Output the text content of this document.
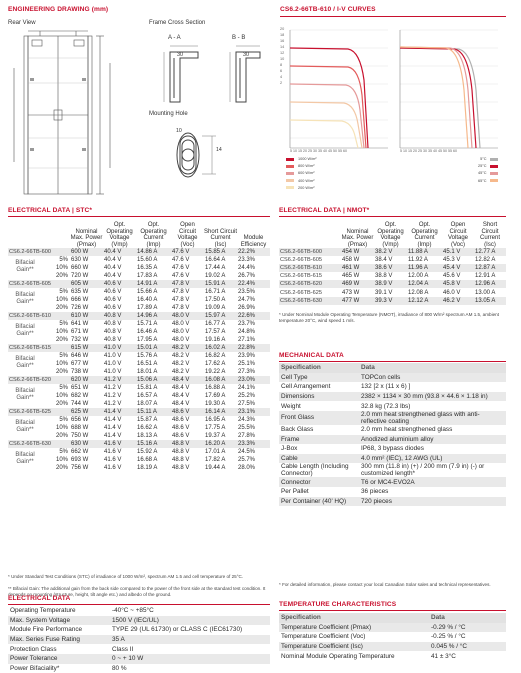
ENGINEERING DRAWING (mm)
Rear View	Frame Cross Section
A - A	B - B
Mounting Hole
30	30
14
10
CS6.2-66TB-610 / I-V CURVES
20
18
16
14
12
10
8
6
4
2
5 10 15 20 25 30 35 40 45 50 55 60	5 10 15 20 25 30 35 40 45 50 55 60
1000 W/m²
800 W/m²
600 W/m²
400 W/m²
200 W/m²
5°C
25°C
45°C
65°C
ELECTRICAL DATA | STC*
	Nominal Max. Power (Pmax)	Opt. Operating Voltage (Vmp)	Opt. Operating Current (Imp)	Open Circuit Voltage (Voc)	Short Circuit Current (Isc)	Module Efficiency
CS6.2-66TB-600	600 W	40.4 V	14.86 A	47.6 V	15.85 A	22.2%

Bifacial Gain**
5%	630 W	40.4 V	15.60 A	47.6 V	16.64 A	23.3%
10%	660 W	40.4 V	16.35 A	47.6 V	17.44 A	24.4%
20%	720 W	40.4 V	17.83 A	47.6 V	19.02 A	26.7%
CS6.2-66TB-605	605 W	40.6 V	14.91 A	47.8 V	15.91 A	22.4%

Bifacial Gain**
5%	635 W	40.6 V	15.66 A	47.8 V	16.71 A	23.5%
10%	666 W	40.6 V	16.40 A	47.8 V	17.50 A	24.7%
20%	726 W	40.6 V	17.89 A	47.8 V	19.09 A	26.9%
CS6.2-66TB-610	610 W	40.8 V	14.96 A	48.0 V	15.97 A	22.6%

Bifacial Gain**
5%	641 W	40.8 V	15.71 A	48.0 V	16.77 A	23.7%
10%	671 W	40.8 V	16.46 A	48.0 V	17.57 A	24.8%
20%	732 W	40.8 V	17.95 A	48.0 V	19.16 A	27.1%
CS6.2-66TB-615	615 W	41.0 V	15.01 A	48.2 V	16.02 A	22.8%

Bifacial Gain**
5%	646 W	41.0 V	15.76 A	48.2 V	16.82 A	23.9%
10%	677 W	41.0 V	16.51 A	48.2 V	17.62 A	25.1%
20%	738 W	41.0 V	18.01 A	48.2 V	19.22 A	27.3%
CS6.2-66TB-620	620 W	41.2 V	15.06 A	48.4 V	16.08 A	23.0%

Bifacial Gain**
5%	651 W	41.2 V	15.81 A	48.4 V	16.88 A	24.1%
10%	682 W	41.2 V	16.57 A	48.4 V	17.69 A	25.2%
20%	744 W	41.2 V	18.07 A	48.4 V	19.30 A	27.5%
CS6.2-66TB-625	625 W	41.4 V	15.11 A	48.6 V	16.14 A	23.1%

Bifacial Gain**
5%	656 W	41.4 V	15.87 A	48.6 V	16.95 A	24.3%
10%	688 W	41.4 V	16.62 A	48.6 V	17.75 A	25.5%
20%	750 W	41.4 V	18.13 A	48.6 V	19.37 A	27.8%
CS6.2-66TB-630	630 W	41.6 V	15.16 A	48.8 V	16.20 A	23.3%

Bifacial Gain**
5%	662 W	41.6 V	15.92 A	48.8 V	17.01 A	24.5%
10%	693 W	41.6 V	16.68 A	48.8 V	17.82 A	25.7%
20%	756 W	41.6 V	18.19 A	48.8 V	19.44 A	28.0%
* Under Standard Test Conditions (STC) of irradiance of 1000 W/m², spectrum AM 1.5 and cell temperature of 25°C.
** Bifacial Gain: The additional gain from the back side compared to the power of the front side at the standard test condition. It depends on mounting (structure, height, tilt angle etc.) and albedo of the ground.
ELECTRICAL DATA | NMOT*
	Nominal Max. Power (Pmax)	Opt. Operating Voltage (Vmp)	Opt. Operating Current (Imp)	Open Circuit Voltage (Voc)	Short Circuit Current (Isc)
CS6.2-66TB-600	454 W	38.2 V	11.88 A	45.1 V	12.77 A
CS6.2-66TB-605	458 W	38.4 V	11.92 A	45.3 V	12.82 A
CS6.2-66TB-610	461 W	38.6 V	11.96 A	45.4 V	12.87 A
CS6.2-66TB-615	465 W	38.8 V	12.00 A	45.6 V	12.91 A
CS6.2-66TB-620	469 W	38.9 V	12.04 A	45.8 V	12.96 A
CS6.2-66TB-625	473 W	39.1 V	12.08 A	46.0 V	13.00 A
CS6.2-66TB-630	477 W	39.3 V	12.12 A	46.2 V	13.05 A
* Under Nominal Module Operating Temperature (NMOT), irradiance of 800 W/m² spectrum AM 1.5, ambient temperature 20°C, wind speed 1 m/s.
MECHANICAL DATA
Specification	Data
Cell Type	TOPCon cells
Cell Arrangement	132 [2 x (11 x 6) ]
Dimensions	2382 × 1134 × 30 mm (93.8 × 44.6 × 1.18 in)
Weight	32.8 kg (72.3 lbs)
Front Glass	2.0 mm heat strengthened glass with anti-reflective coating
Back Glass	2.0 mm heat strengthened glass
Frame	Anodized aluminium alloy
J-Box	IP68, 3 bypass diodes
Cable	4.0 mm² (IEC), 12 AWG (UL)
Cable Length (Including Connector)	300 mm (11.8 in) (+) / 200 mm (7.9 in) (-) or customized length*
Connector	T6 or MC4-EVO2A
Per Pallet	36 pieces
Per Container (40' HQ)	720 pieces
* For detailed information, please contact your local Canadian Solar sales and technical representatives.
ELECTRICAL DATA
Operating Temperature	-40°C ~ +85°C
Max. System Voltage	1500 V (IEC/UL)
Module Fire Performance	TYPE 29 (UL 61730) or CLASS C (IEC61730)
Max. Series Fuse Rating	35 A
Protection Class	Class II
Power Tolerance	0 ~ + 10 W
Power Bifaciality*	80 %
TEMPERATURE CHARACTERISTICS
Specification	Data
Temperature Coefficient (Pmax)	-0.29 % / °C
Temperature Coefficient (Voc)	-0.25 % / °C
Temperature Coefficient (Isc)	0.045 % / °C
Nominal Module Operating Temperature	41 ± 3°C
